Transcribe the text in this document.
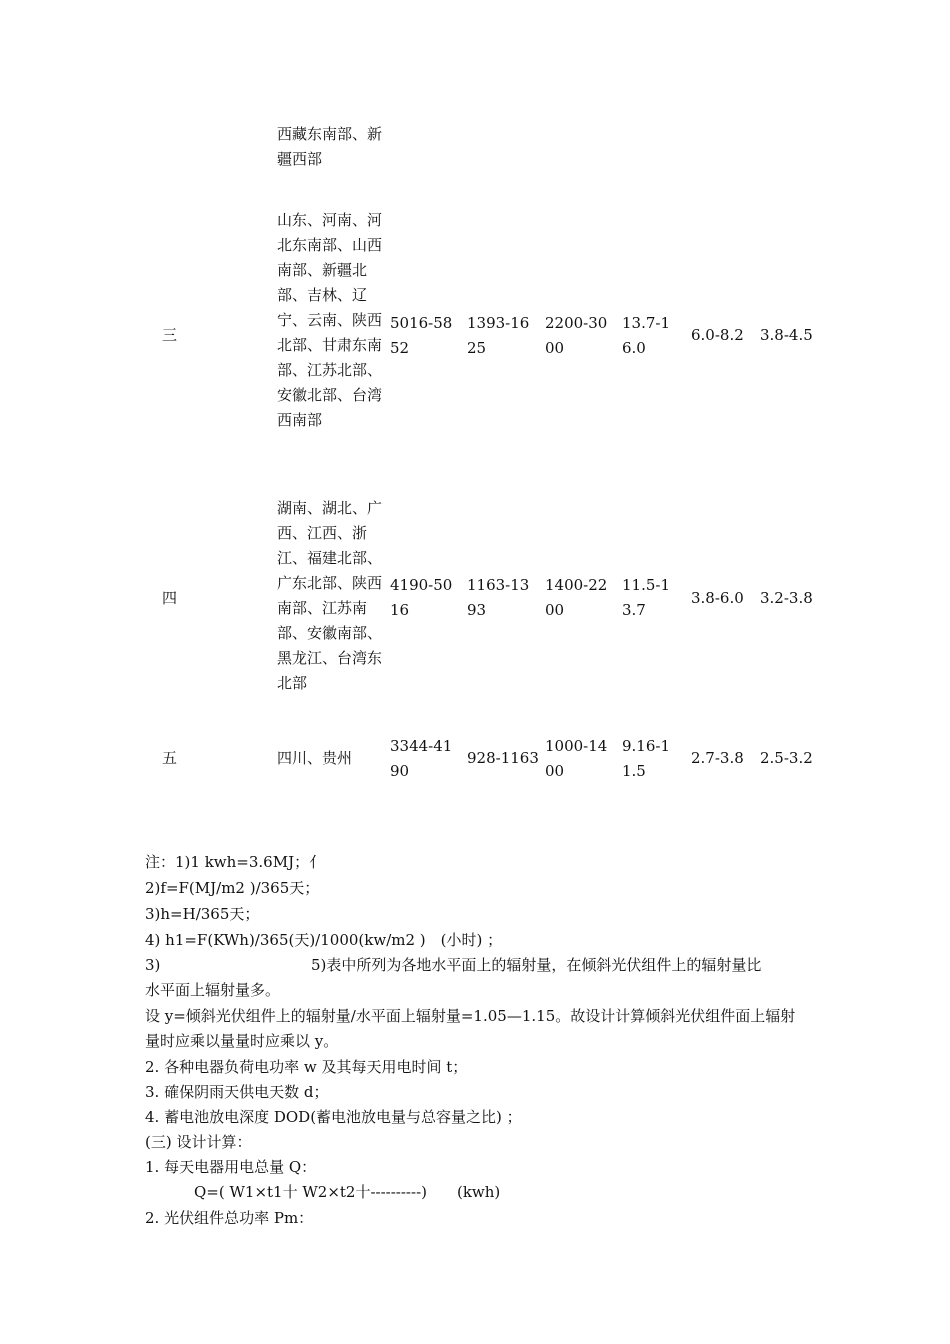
西藏东南部、新疆西部
三
山东、河南、河北东南部、山西南部、新疆北部、吉林、辽宁、云南、陕西北部、甘肃东南部、江苏北部、安徽北部、台湾西南部
5016-5852
1393-1625
2200-3000
13.7-16.0
6.0-8.2 3.8-4.5
四
湖南、湖北、广西、江西、浙江、福建北部、广东北部、陕西南部、江苏南部、安徽南部、黑龙江、台湾东北部
4190-5016
1163-1393
1400-2200
11.5-13.7
3.8-6.0 3.2-3.8
五	四川、贵州
3344-4190
928-1163
1000-1400
9.16-11.5
2.7-3.8 2.5-3.2
注：1)1 kwh=3.6MJ；亻
2)f=F(MJ/m2 )/365天；
3)h=H/365天；
4) h1=F(KWh)/365(天)/1000(kw/m2 )　(小时) ；
3)	5)表中所列为各地水平面上的辐射量，在倾斜光伏组件上的辐射量比
水平面上辐射量多。
设 y=倾斜光伏组件上的辐射量/水平面上辐射量=1.05—1.15。故设计计算倾斜光伏组件面上辐射量时应乘以量量时应乘以 y。
2. 各种电器负荷电功率 w 及其每天用电时间 t；
3. 確保阴雨天供电天数 d；
4. 蓄电池放电深度 DOD(蓄电池放电量与总容量之比) ；
(三) 设计计算：
1. 每天电器用电总量 Q：
Q=( W1×t1十 W2×t2十----------)　　(kwh)
2. 光伏组件总功率 Pm：
